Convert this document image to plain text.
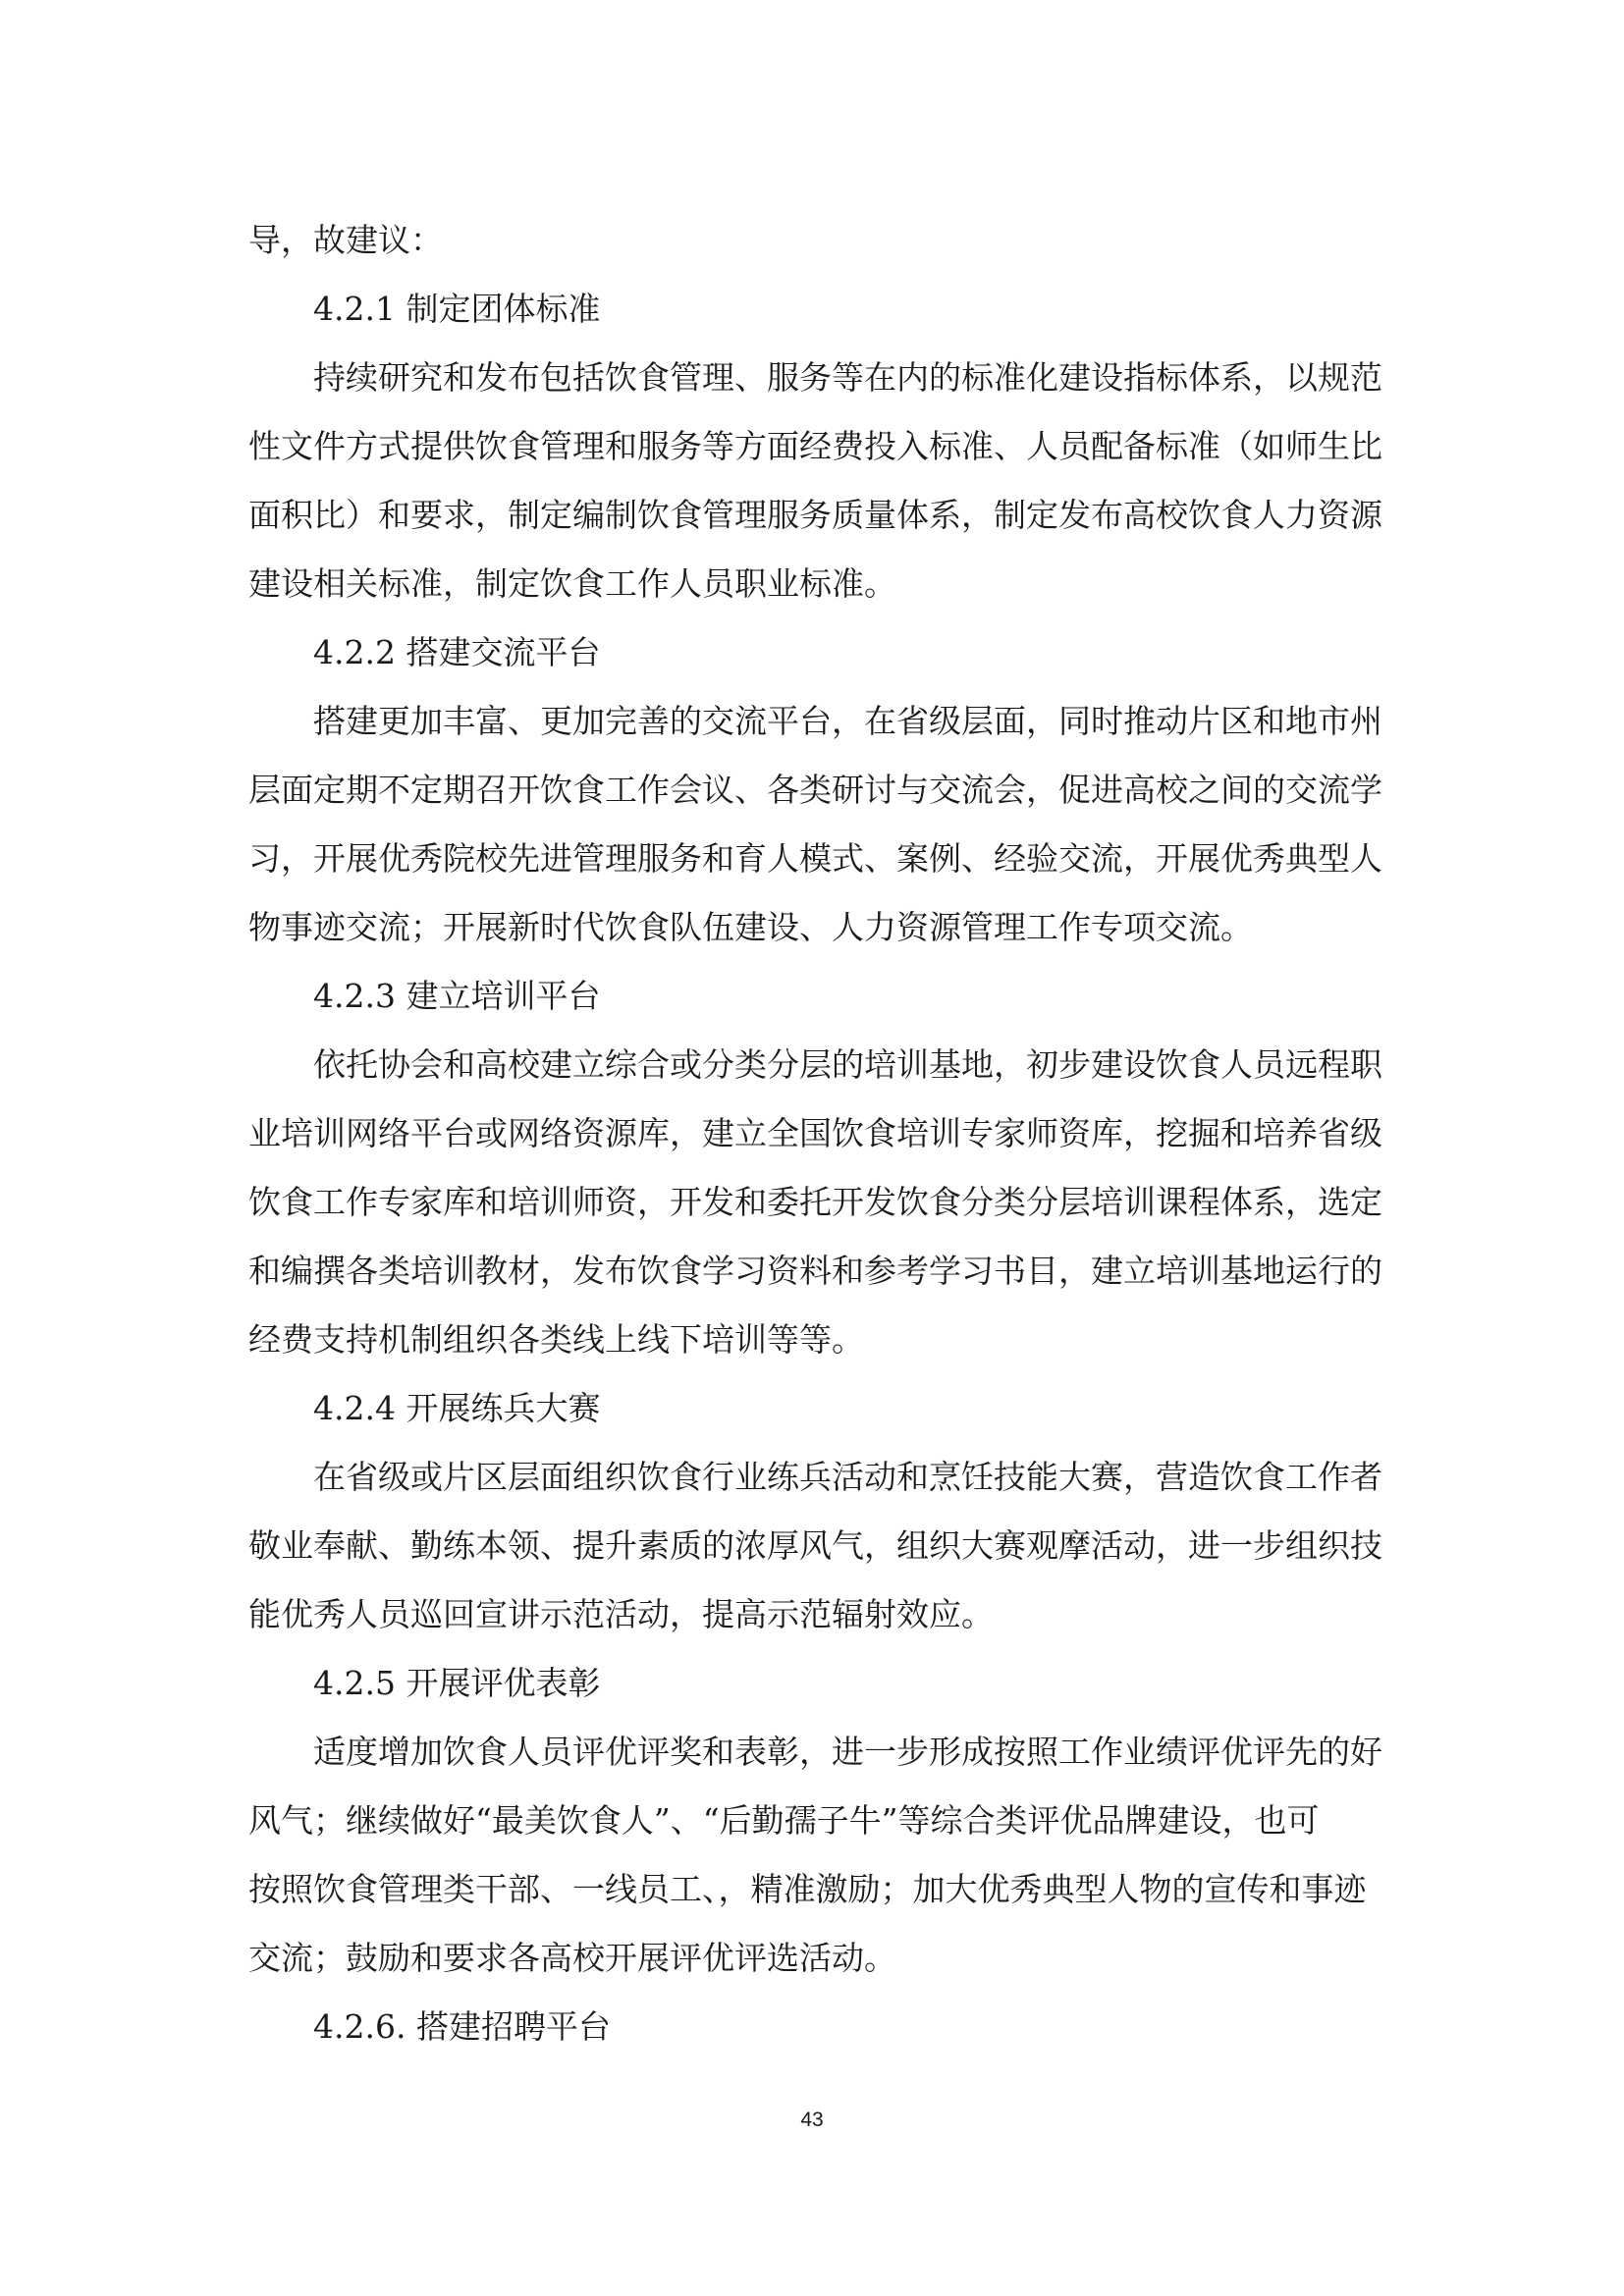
导，故建议：

4.2.1 制定团体标准

持续研究和发布包括饮食管理、服务等在内的标准化建设指标体系，以规范

性文件方式提供饮食管理和服务等方面经费投入标准、人员配备标准（如师生比

面积比）和要求，制定编制饮食管理服务质量体系，制定发布高校饮食人力资源

建设相关标准，制定饮食工作人员职业标准。

4.2.2 搭建交流平台

搭建更加丰富、更加完善的交流平台，在省级层面，同时推动片区和地市州

层面定期不定期召开饮食工作会议、各类研讨与交流会，促进高校之间的交流学

习，开展优秀院校先进管理服务和育人模式、案例、经验交流，开展优秀典型人

物事迹交流；开展新时代饮食队伍建设、人力资源管理工作专项交流。

4.2.3 建立培训平台

依托协会和高校建立综合或分类分层的培训基地，初步建设饮食人员远程职

业培训网络平台或网络资源库，建立全国饮食培训专家师资库，挖掘和培养省级

饮食工作专家库和培训师资，开发和委托开发饮食分类分层培训课程体系，选定

和编撰各类培训教材，发布饮食学习资料和参考学习书目，建立培训基地运行的

经费支持机制组织各类线上线下培训等等。

4.2.4 开展练兵大赛

在省级或片区层面组织饮食行业练兵活动和烹饪技能大赛，营造饮食工作者

敬业奉献、勤练本领、提升素质的浓厚风气，组织大赛观摩活动，进一步组织技

能优秀人员巡回宣讲示范活动，提高示范辐射效应。

4.2.5 开展评优表彰

适度增加饮食人员评优评奖和表彰，进一步形成按照工作业绩评优评先的好

风气；继续做好“最美饮食人”、“后勤孺子牛”等综合类评优品牌建设，也可

按照饮食管理类干部、一线员工、，精准激励；加大优秀典型人物的宣传和事迹

交流；鼓励和要求各高校开展评优评选活动。

4.2.6. 搭建招聘平台

43
